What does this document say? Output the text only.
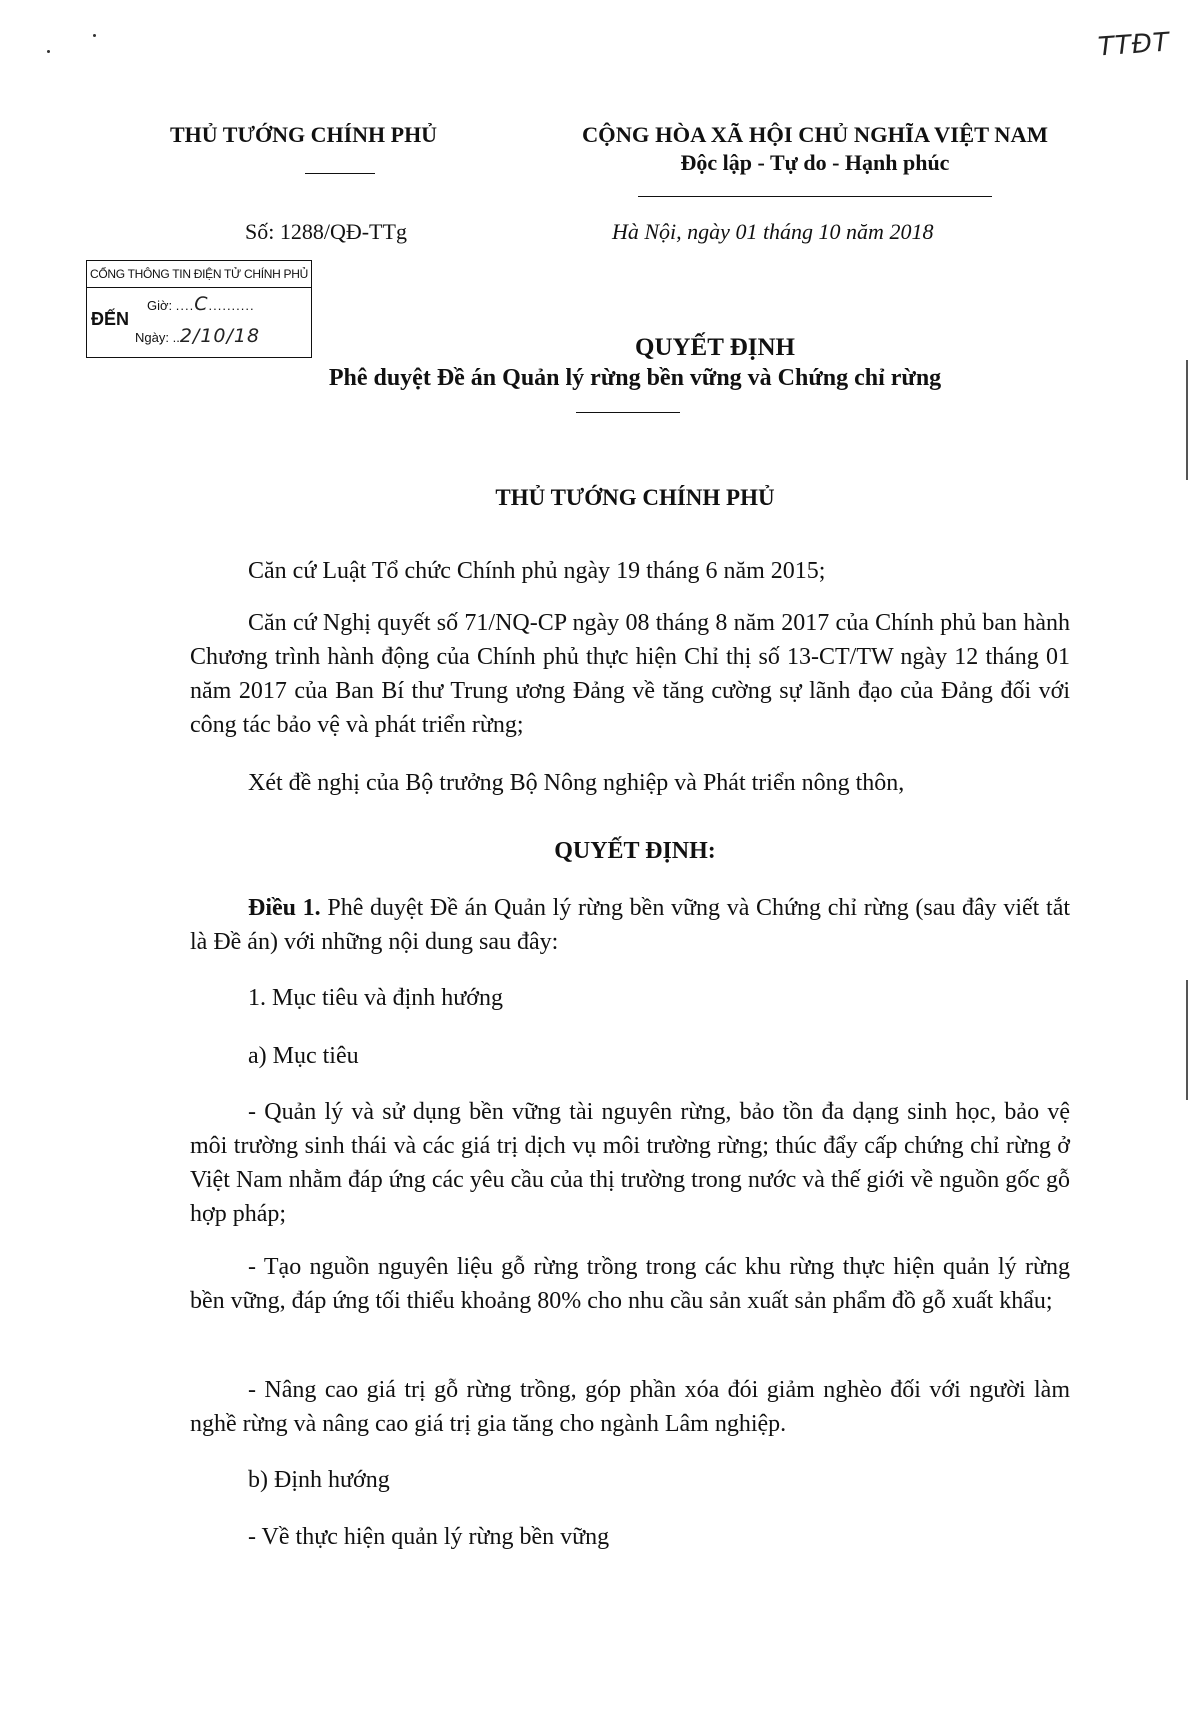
TTĐT
THỦ TƯỚNG CHÍNH PHỦ	CỘNG HÒA XÃ HỘI CHỦ NGHĨA VIỆT NAM
Độc lập - Tự do - Hạnh phúc
Số: 1288/QĐ-TTg	Hà Nội, ngày 01 tháng 10 năm 2018
CỔNG THÔNG TIN ĐIỆN TỬ CHÍNH PHỦ
ĐẾN
Giờ: ....C..........
Ngày: ..2/10/18	QUYẾT ĐỊNH
Phê duyệt Đề án Quản lý rừng bền vững và Chứng chỉ rừng
THỦ TƯỚNG CHÍNH PHỦ
Căn cứ Luật Tổ chức Chính phủ ngày 19 tháng 6 năm 2015;
Căn cứ Nghị quyết số 71/NQ-CP ngày 08 tháng 8 năm 2017 của Chính phủ ban hành Chương trình hành động của Chính phủ thực hiện Chỉ thị số 13-CT/TW ngày 12 tháng 01 năm 2017 của Ban Bí thư Trung ương Đảng về tăng cường sự lãnh đạo của Đảng đối với công tác bảo vệ và phát triển rừng;
Xét đề nghị của Bộ trưởng Bộ Nông nghiệp và Phát triển nông thôn,
QUYẾT ĐỊNH:
Điều 1. Phê duyệt Đề án Quản lý rừng bền vững và Chứng chỉ rừng (sau đây viết tắt là Đề án) với những nội dung sau đây:
1. Mục tiêu và định hướng
a) Mục tiêu
- Quản lý và sử dụng bền vững tài nguyên rừng, bảo tồn đa dạng sinh học, bảo vệ môi trường sinh thái và các giá trị dịch vụ môi trường rừng; thúc đẩy cấp chứng chỉ rừng ở Việt Nam nhằm đáp ứng các yêu cầu của thị trường trong nước và thế giới về nguồn gốc gỗ hợp pháp;
- Tạo nguồn nguyên liệu gỗ rừng trồng trong các khu rừng thực hiện quản lý rừng bền vững, đáp ứng tối thiểu khoảng 80% cho nhu cầu sản xuất sản phẩm đồ gỗ xuất khẩu;
- Nâng cao giá trị gỗ rừng trồng, góp phần xóa đói giảm nghèo đối với người làm nghề rừng và nâng cao giá trị gia tăng cho ngành Lâm nghiệp.
b) Định hướng
- Về thực hiện quản lý rừng bền vững
